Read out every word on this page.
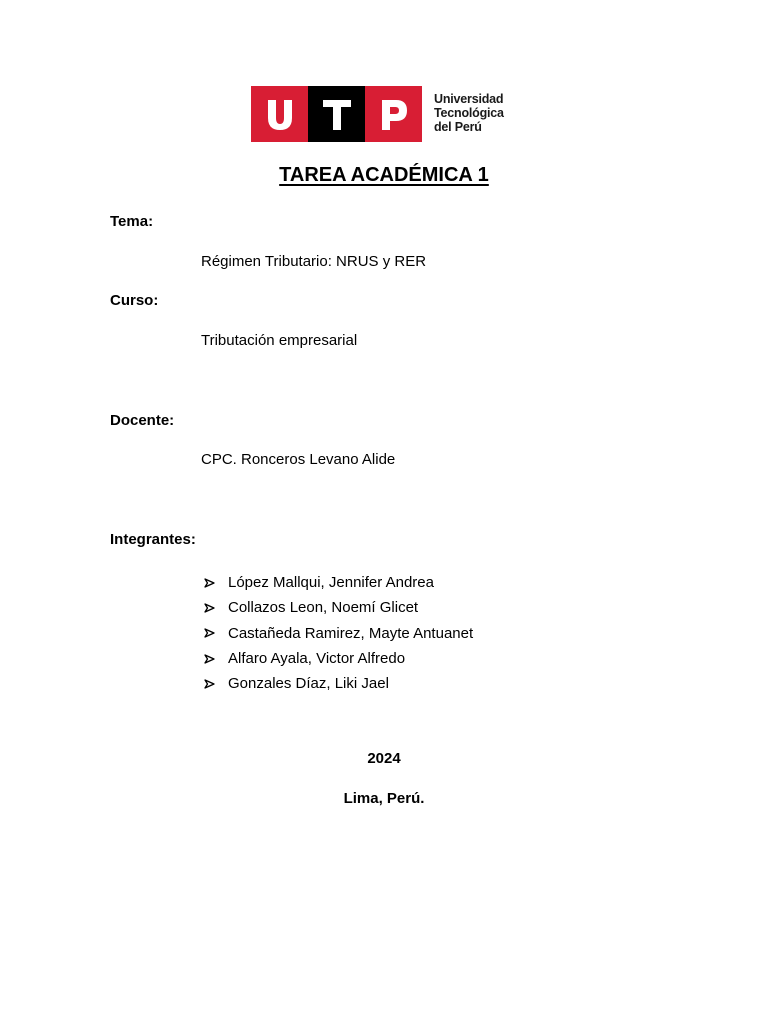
Universidad
Tecnológica
del Perú
TAREA ACADÉMICA 1
Tema:
Régimen Tributario: NRUS y RER
Curso:
Tributación empresarial
Docente:
CPC. Ronceros Levano Alide
Integrantes:
López Mallqui, Jennifer Andrea
Collazos Leon, Noemí Glicet
Castañeda Ramirez, Mayte Antuanet
Alfaro Ayala, Victor Alfredo
Gonzales Díaz, Liki Jael
2024
Lima, Perú.
